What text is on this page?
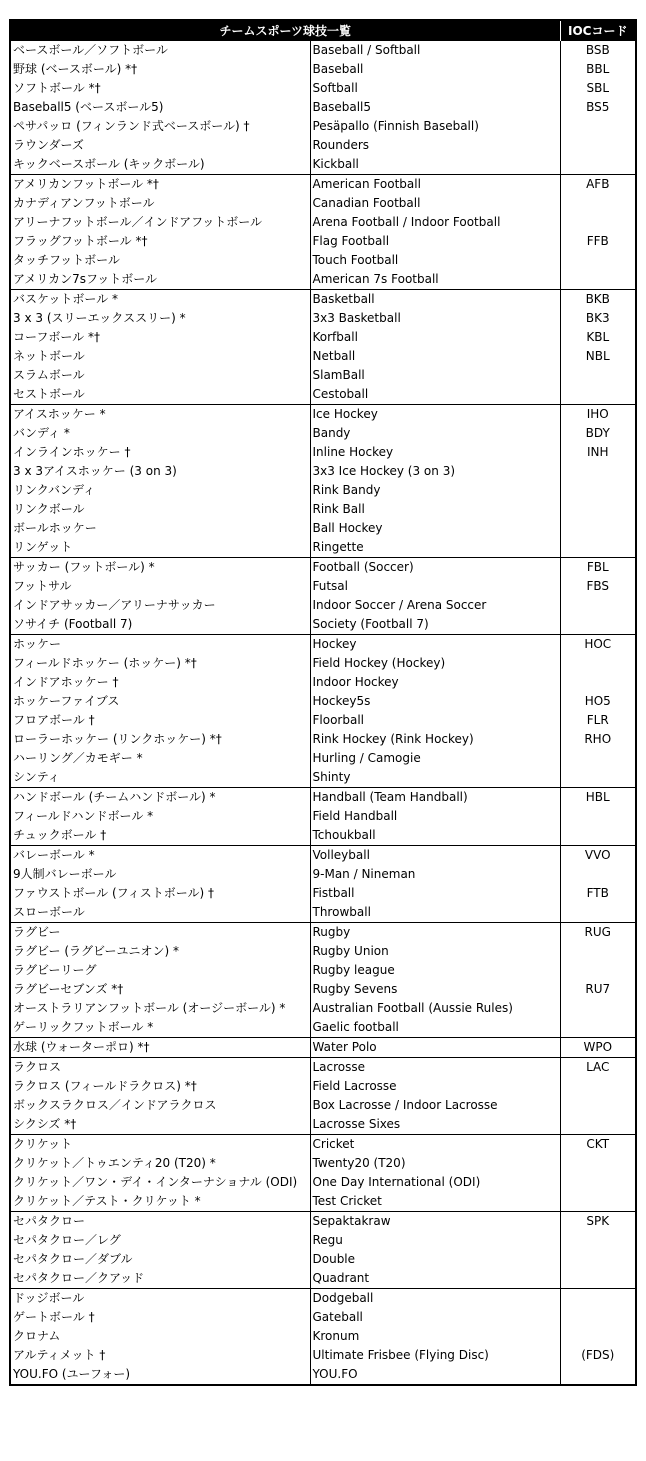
チームスポーツ球技一覧		IOCコード
ベースボール／ソフトボール	Baseball / Softball	BSB
野球 (ベースボール) *†	Baseball	BBL
ソフトボール *†	Softball	SBL
Baseball5 (ベースボール5)	Baseball5	BS5
ペサパッロ (フィンランド式ベースボール) †	Pesäpallo (Finnish Baseball)	
ラウンダーズ	Rounders	
キックベースボール (キックボール)	Kickball	
アメリカンフットボール *†	American Football	AFB
カナディアンフットボール	Canadian Football	
アリーナフットボール／インドアフットボール	Arena Football / Indoor Football	
フラッグフットボール *†	Flag Football	FFB
タッチフットボール	Touch Football	
アメリカン7sフットボール	American 7s Football	
バスケットボール *	Basketball	BKB
3 x 3 (スリーエックススリー) *	3x3 Basketball	BK3
コーフボール *†	Korfball	KBL
ネットボール	Netball	NBL
スラムボール	SlamBall	
セストボール	Cestoball	
アイスホッケー *	Ice Hockey	IHO
バンディ *	Bandy	BDY
インラインホッケー †	Inline Hockey	INH
3 x 3アイスホッケー (3 on 3)	3x3 Ice Hockey (3 on 3)	
リンクバンディ	Rink Bandy	
リンクボール	Rink Ball	
ボールホッケー	Ball Hockey	
リンゲット	Ringette	
サッカー (フットボール) *	Football (Soccer)	FBL
フットサル	Futsal	FBS
インドアサッカー／アリーナサッカー	Indoor Soccer / Arena Soccer	
ソサイチ (Football 7)	Society (Football 7)	
ホッケー	Hockey	HOC
フィールドホッケー (ホッケー) *†	Field Hockey (Hockey)	
インドアホッケー †	Indoor Hockey	
ホッケーファイブス	Hockey5s	HO5
フロアボール †	Floorball	FLR
ローラーホッケー (リンクホッケー) *†	Rink Hockey (Rink Hockey)	RHO
ハーリング／カモギー *	Hurling / Camogie	
シンティ	Shinty	
ハンドボール (チームハンドボール) *	Handball (Team Handball)	HBL
フィールドハンドボール *	Field Handball	
チュックボール †	Tchoukball	
バレーボール *	Volleyball	VVO
9人制バレーボール	9-Man / Nineman	
ファウストボール (フィストボール) †	Fistball	FTB
スローボール	Throwball	
ラグビー	Rugby	RUG
ラグビー (ラグビーユニオン) *	Rugby Union	
ラグビーリーグ	Rugby league	
ラグビーセブンズ *†	Rugby Sevens	RU7
オーストラリアンフットボール (オージーボール) *	Australian Football (Aussie Rules)	
ゲーリックフットボール *	Gaelic football	
水球 (ウォーターポロ) *†	Water Polo	WPO
ラクロス	Lacrosse	LAC
ラクロス (フィールドラクロス) *†	Field Lacrosse	
ボックスラクロス／インドアラクロス	Box Lacrosse / Indoor Lacrosse	
シクシズ *†	Lacrosse Sixes	
クリケット	Cricket	CKT
クリケット／トゥエンティ20 (T20) *	Twenty20 (T20)	
クリケット／ワン・デイ・インターナショナル (ODI)	One Day International (ODI)	
クリケット／テスト・クリケット *	Test Cricket	
セパタクロー	Sepaktakraw	SPK
セパタクロー／レグ	Regu	
セパタクロー／ダブル	Double	
セパタクロー／クアッド	Quadrant	
ドッジボール	Dodgeball	
ゲートボール †	Gateball	
クロナム	Kronum	
アルティメット †	Ultimate Frisbee (Flying Disc)	(FDS)
YOU.FO (ユーフォー)	YOU.FO	
